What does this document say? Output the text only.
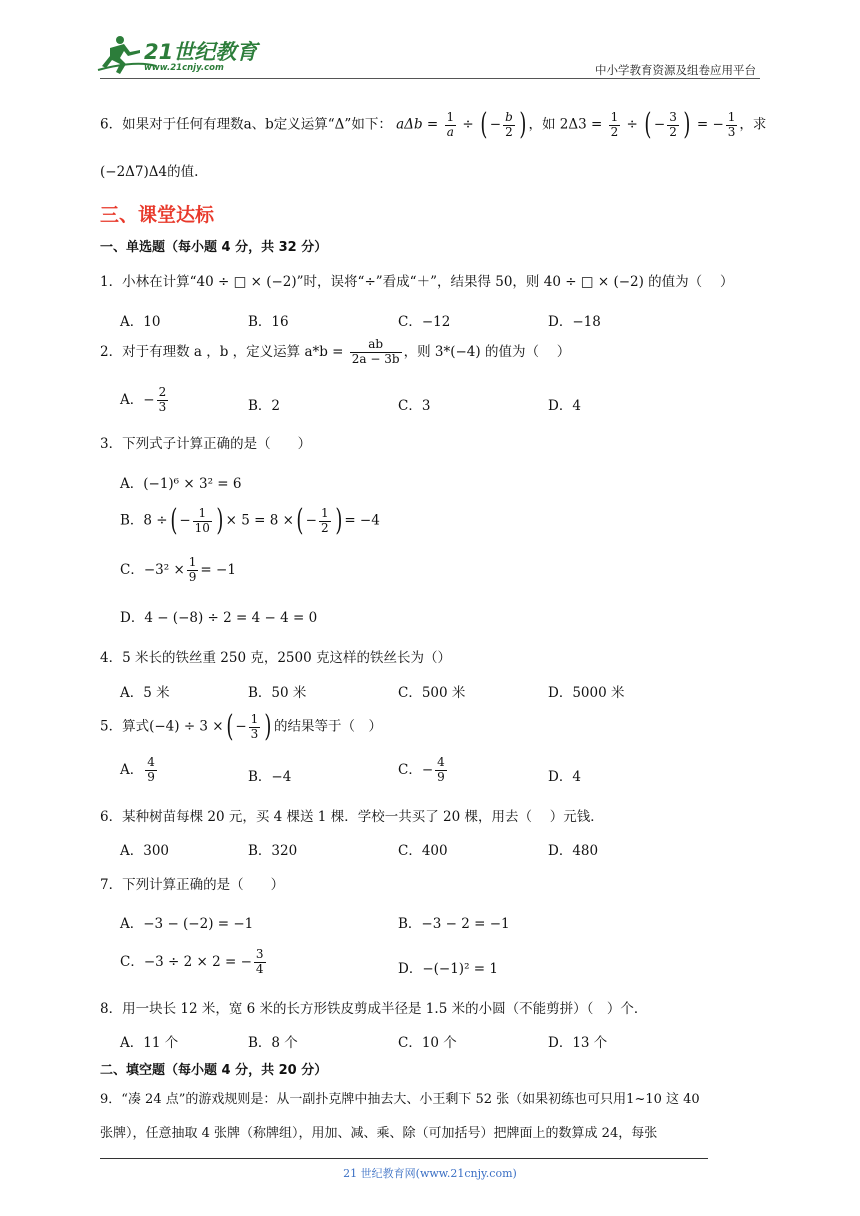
21世纪教育
www.21cnjy.com	中小学教育资源及组卷应用平台
6．如果对于任何有理数a、b定义运算“Δ”如下： $a\Delta b = \frac{1}{a}$ ÷ ( − $\frac{b}{2}$ ) ，如 $2\Delta 3 = \frac{1}{2}$ ÷ ( − $\frac{3}{2}$ ) = − $\frac{1}{3}$ ，求
(−2Δ7)Δ4的值.
三、课堂达标
一、单选题（每小题 4 分，共 32 分）
1．小林在计算“40 ÷ □ × (−2)”时，误将“÷”看成“＋”，结果得 50，则 40 ÷ □ × (−2) 的值为（　 ）
A．10	B．16	C．−12	D．−18
2．对于有理数 a ，b ，定义运算 $a*b = \frac{ab}{2a - 3b}$ ，则 3*(−4) 的值为（　 ）
A．− $\frac{2}{3}$	B．2	C．3	D．4
3．下列式子计算正确的是（　　）
A．(−1)⁶ × 3² = 6
B．8 ÷( − $\frac{1}{10}$ ) × 5 = 8 ×( − $\frac{1}{2}$ ) = −4
C．$-3^2 \times \frac{1}{9} = -1$
D．4 − (−8) ÷ 2 = 4 − 4 = 0
4．5 米长的铁丝重 250 克，2500 克这样的铁丝长为（）
A．5 米	B．50 米	C．500 米	D．5000 米
5．算式(−4) ÷ 3 ×( − $\frac{1}{3}$ ) 的结果等于（　）
A． $\frac{4}{9}$	B．−4	C．− $\frac{4}{9}$	D．4
6．某种树苗每棵 20 元，买 4 棵送 1 棵．学校一共买了 20 棵，用去（　 ）元钱．
A．300	B．320	C．400	D．480
7．下列计算正确的是（　　）
A．−3 − (−2) = −1	B．−3 − 2 = −1
C．−3 ÷ 2 × 2 = − $\frac{3}{4}$	D．−(−1)² = 1
8．用一块长 12 米，宽 6 米的长方形铁皮剪成半径是 1.5 米的小圆（不能剪拼）（　）个．
A．11 个	B．8 个	C．10 个	D．13 个
二、填空题（每小题 4 分，共 20 分）
9．“凑 24 点”的游戏规则是：从一副扑克牌中抽去大、小王剩下 52 张（如果初练也可只用1~10 这 40
张牌），任意抽取 4 张牌（称牌组），用加、减、乘、除（可加括号）把牌面上的数算成 24，每张
21 世纪教育网(www.21cnjy.com)
